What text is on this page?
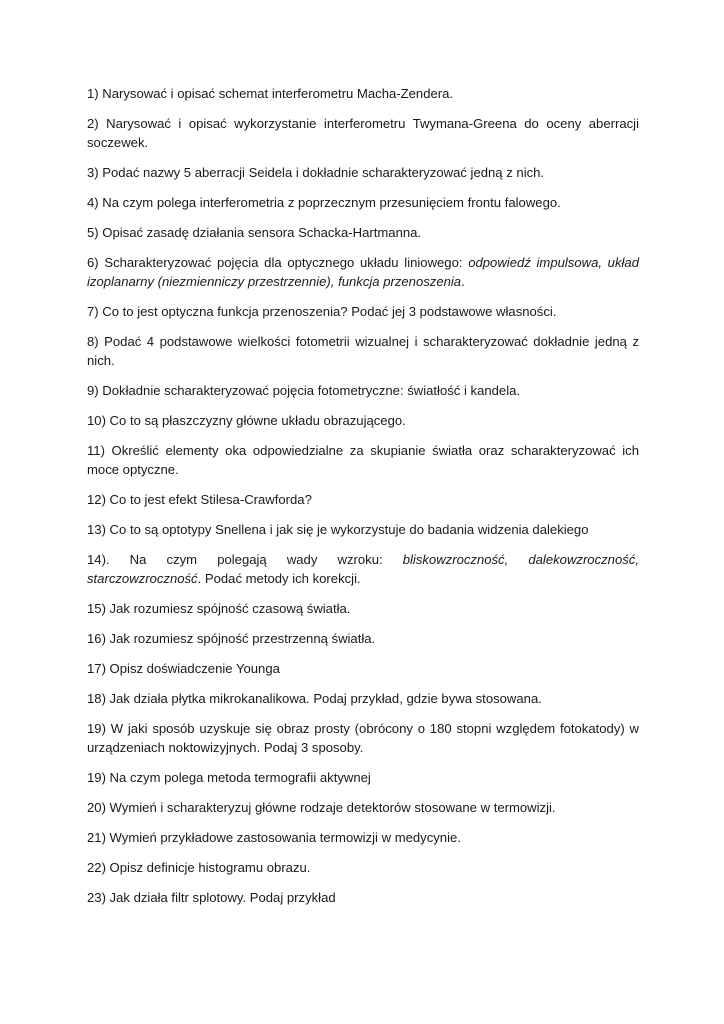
1) Narysować i opisać schemat interferometru Macha-Zendera.

2) Narysować i opisać wykorzystanie interferometru Twymana-Greena do oceny aberracji soczewek.

3) Podać nazwy 5 aberracji Seidela i dokładnie scharakteryzować jedną z nich.

4) Na czym polega interferometria z poprzecznym przesunięciem frontu falowego.

5) Opisać zasadę działania sensora Schacka-Hartmanna.

6) Scharakteryzować pojęcia dla optycznego układu liniowego: odpowiedź impulsowa, układ izoplanarny (niezmienniczy przestrzennie), funkcja przenoszenia.

7) Co to jest optyczna funkcja przenoszenia? Podać jej 3 podstawowe własności.

8) Podać 4 podstawowe wielkości fotometrii wizualnej i scharakteryzować dokładnie jedną z nich.

9) Dokładnie scharakteryzować pojęcia fotometryczne: światłość i kandela.

10) Co to są płaszczyzny główne układu obrazującego.

11) Określić elementy oka odpowiedzialne za skupianie światła oraz scharakteryzować ich moce optyczne.

12) Co to jest efekt Stilesa-Crawforda?

13) Co to są optotypy Snellena i jak się je wykorzystuje do badania widzenia dalekiego

14). Na czym polegają wady wzroku: bliskowzroczność, dalekowzroczność, starczowzroczność. Podać metody ich korekcji.

15) Jak rozumiesz spójność czasową światła.

16) Jak rozumiesz spójność przestrzenną światła.

17) Opisz doświadczenie Younga

18) Jak działa płytka mikrokanalikowa. Podaj przykład, gdzie bywa stosowana.

19) W jaki sposób uzyskuje się obraz prosty (obrócony o 180 stopni względem fotokatody) w urządzeniach noktowizyjnych. Podaj 3 sposoby.

19) Na czym polega metoda termografii aktywnej

20) Wymień i scharakteryzuj główne rodzaje detektorów stosowane w termowizji.

21) Wymień przykładowe zastosowania termowizji w medycynie.

22) Opisz definicje histogramu obrazu.

23) Jak działa filtr splotowy. Podaj przykład
